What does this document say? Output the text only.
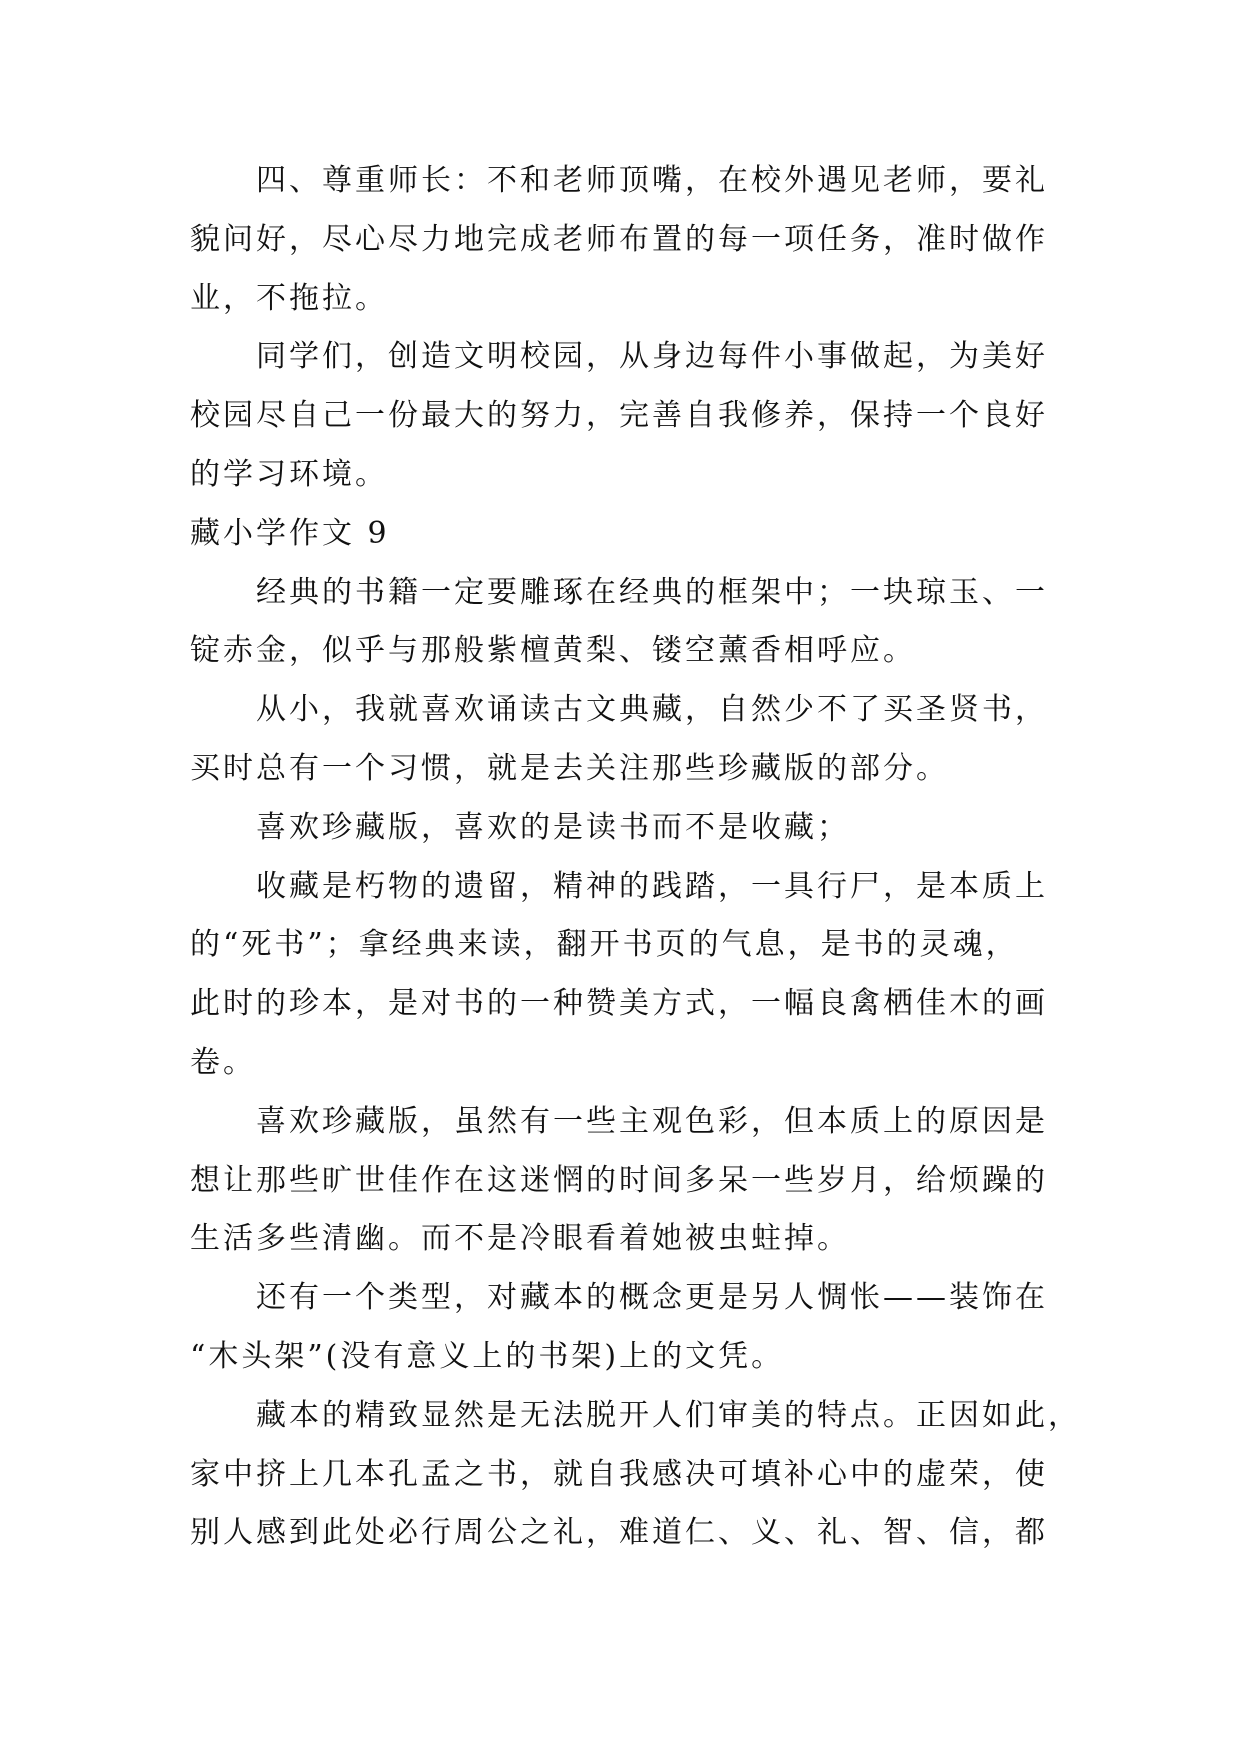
四、尊重师长：不和老师顶嘴，在校外遇见老师，要礼

貌问好，尽心尽力地完成老师布置的每一项任务，准时做作

业，不拖拉。

同学们，创造文明校园，从身边每件小事做起，为美好

校园尽自己一份最大的努力，完善自我修养，保持一个良好

的学习环境。

藏小学作文 9

经典的书籍一定要雕琢在经典的框架中；一块琼玉、一

锭赤金，似乎与那般紫檀黄梨、镂空薰香相呼应。

从小，我就喜欢诵读古文典藏，自然少不了买圣贤书，

买时总有一个习惯，就是去关注那些珍藏版的部分。

喜欢珍藏版，喜欢的是读书而不是收藏；

收藏是朽物的遗留，精神的践踏，一具行尸，是本质上

的“死书”；拿经典来读，翻开书页的气息，是书的灵魂，

此时的珍本，是对书的一种赞美方式，一幅良禽栖佳木的画

卷。

喜欢珍藏版，虽然有一些主观色彩，但本质上的原因是

想让那些旷世佳作在这迷惘的时间多呆一些岁月，给烦躁的

生活多些清幽。而不是冷眼看着她被虫蛀掉。

还有一个类型，对藏本的概念更是另人惆怅——装饰在

“木头架”(没有意义上的书架)上的文凭。

藏本的精致显然是无法脱开人们审美的特点。正因如此，

家中挤上几本孔孟之书，就自我感决可填补心中的虚荣，使

别人感到此处必行周公之礼，难道仁、义、礼、智、信，都
